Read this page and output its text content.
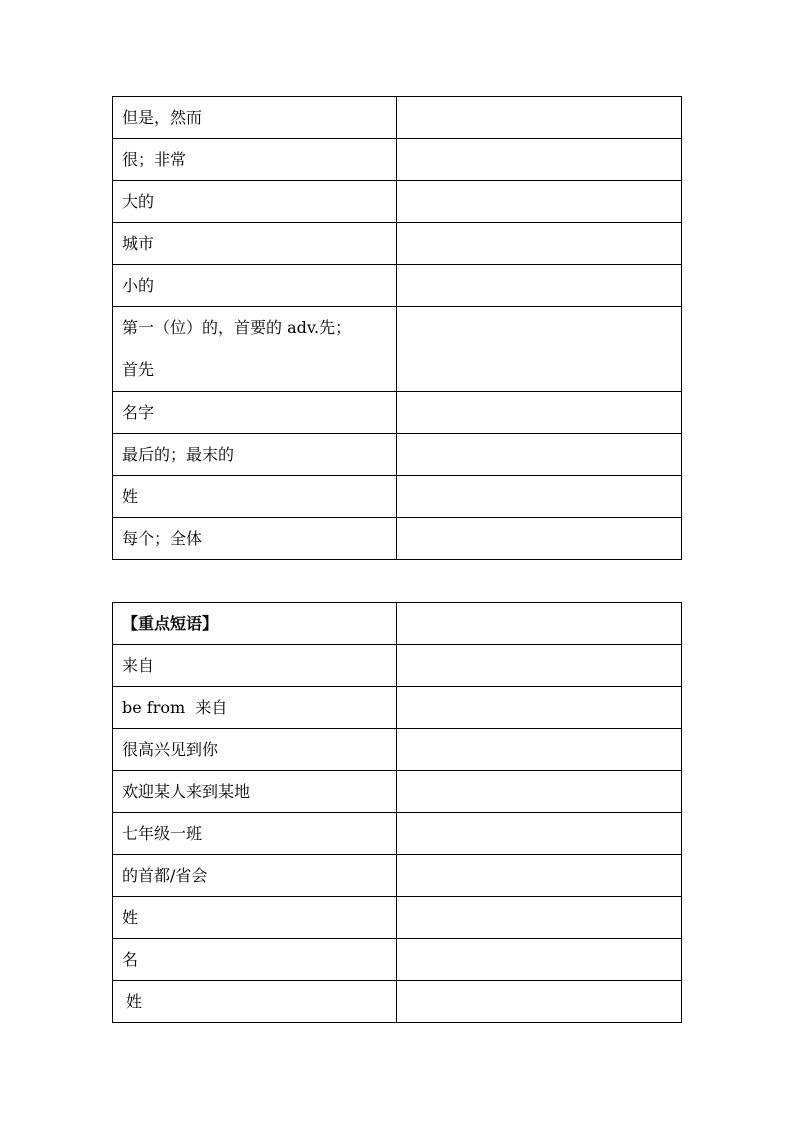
但是，然而	
很；非常	
大的	
城市	
小的	

第一（位）的，首要的 adv.先；
首先	

名字	
最后的；最末的	
姓	
每个；全体	
【重点短语】	
来自	
be from  来自	
很高兴见到你	
欢迎某人来到某地	
七年级一班	
的首都/省会	
姓	
名	
姓	
